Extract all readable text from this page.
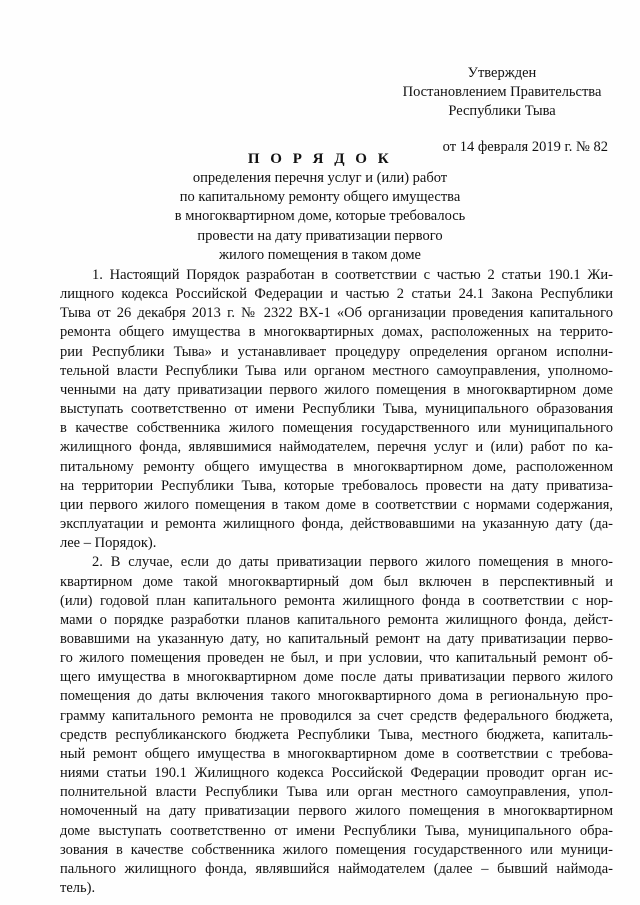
Утвержден
Постановлением Правительства
Республики Тыва
от 14 февраля 2019 г. № 82
П О Р Я Д О К
определения перечня услуг и (или) работ
по капитальному ремонту общего имущества
в многоквартирном доме, которые требовалось
провести на дату приватизации первого
жилого помещения в таком доме
1. Настоящий Порядок разработан в соответствии с частью 2 статьи 190.1 Жи-
лищного кодекса Российской Федерации и частью 2 статьи 24.1 Закона Республики
Тыва от 26 декабря 2013 г. № 2322 ВХ-1 «Об организации проведения капитального
ремонта общего имущества в многоквартирных домах, расположенных на террито-
рии Республики Тыва» и устанавливает процедуру определения органом исполни-
тельной власти Республики Тыва или органом местного самоуправления, уполномо-
ченными на дату приватизации первого жилого помещения в многоквартирном доме
выступать соответственно от имени Республики Тыва, муниципального образования
в качестве собственника жилого помещения государственного или муниципального
жилищного фонда, являвшимися наймодателем, перечня услуг и (или) работ по ка-
питальному ремонту общего имущества в многоквартирном доме, расположенном
на территории Республики Тыва, которые требовалось провести на дату приватиза-
ции первого жилого помещения в таком доме в соответствии с нормами содержания,
эксплуатации и ремонта жилищного фонда, действовавшими на указанную дату (да-
лее – Порядок).
2. В случае, если до даты приватизации первого жилого помещения в много-
квартирном доме такой многоквартирный дом был включен в перспективный и
(или) годовой план капитального ремонта жилищного фонда в соответствии с нор-
мами о порядке разработки планов капитального ремонта жилищного фонда, дейст-
вовавшими на указанную дату, но капитальный ремонт на дату приватизации перво-
го жилого помещения проведен не был, и при условии, что капитальный ремонт об-
щего имущества в многоквартирном доме после даты приватизации первого жилого
помещения до даты включения такого многоквартирного дома в региональную про-
грамму капитального ремонта не проводился за счет средств федерального бюджета,
средств республиканского бюджета Республики Тыва, местного бюджета, капиталь-
ный ремонт общего имущества в многоквартирном доме в соответствии с требова-
ниями статьи 190.1 Жилищного кодекса Российской Федерации проводит орган ис-
полнительной власти Республики Тыва или орган местного самоуправления, упол-
номоченный на дату приватизации первого жилого помещения в многоквартирном
доме выступать соответственно от имени Республики Тыва, муниципального обра-
зования в качестве собственника жилого помещения государственного или муници-
пального жилищного фонда, являвшийся наймодателем (далее – бывший наймода-
тель).
